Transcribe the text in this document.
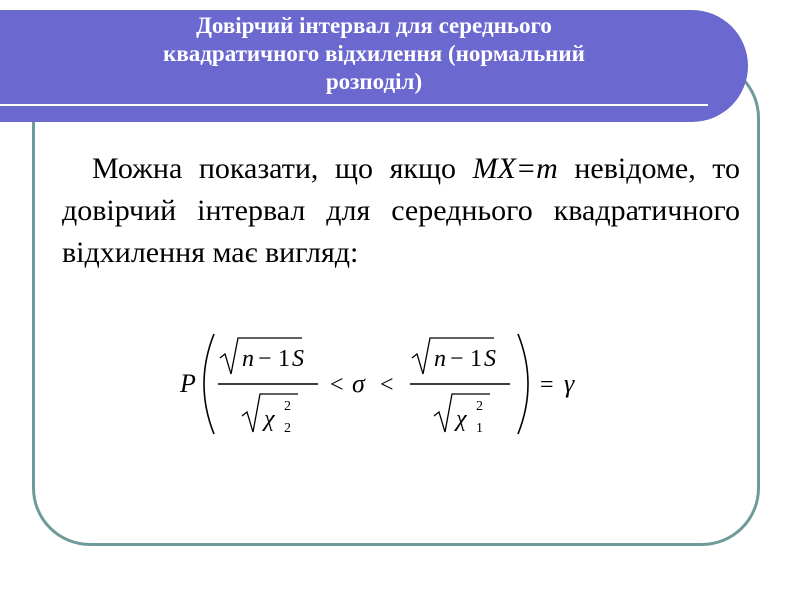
Довірчий інтервал для середнього
квадратичного відхилення (нормальний
розподіл)

Можна показати, що якщо MX=m невідоме, то довірчий інтервал для середнього квадратичного відхилення має вигляд:

P
n − 1 S
χ 2
2
< σ <
n − 1 S
χ 2
1
= γ
